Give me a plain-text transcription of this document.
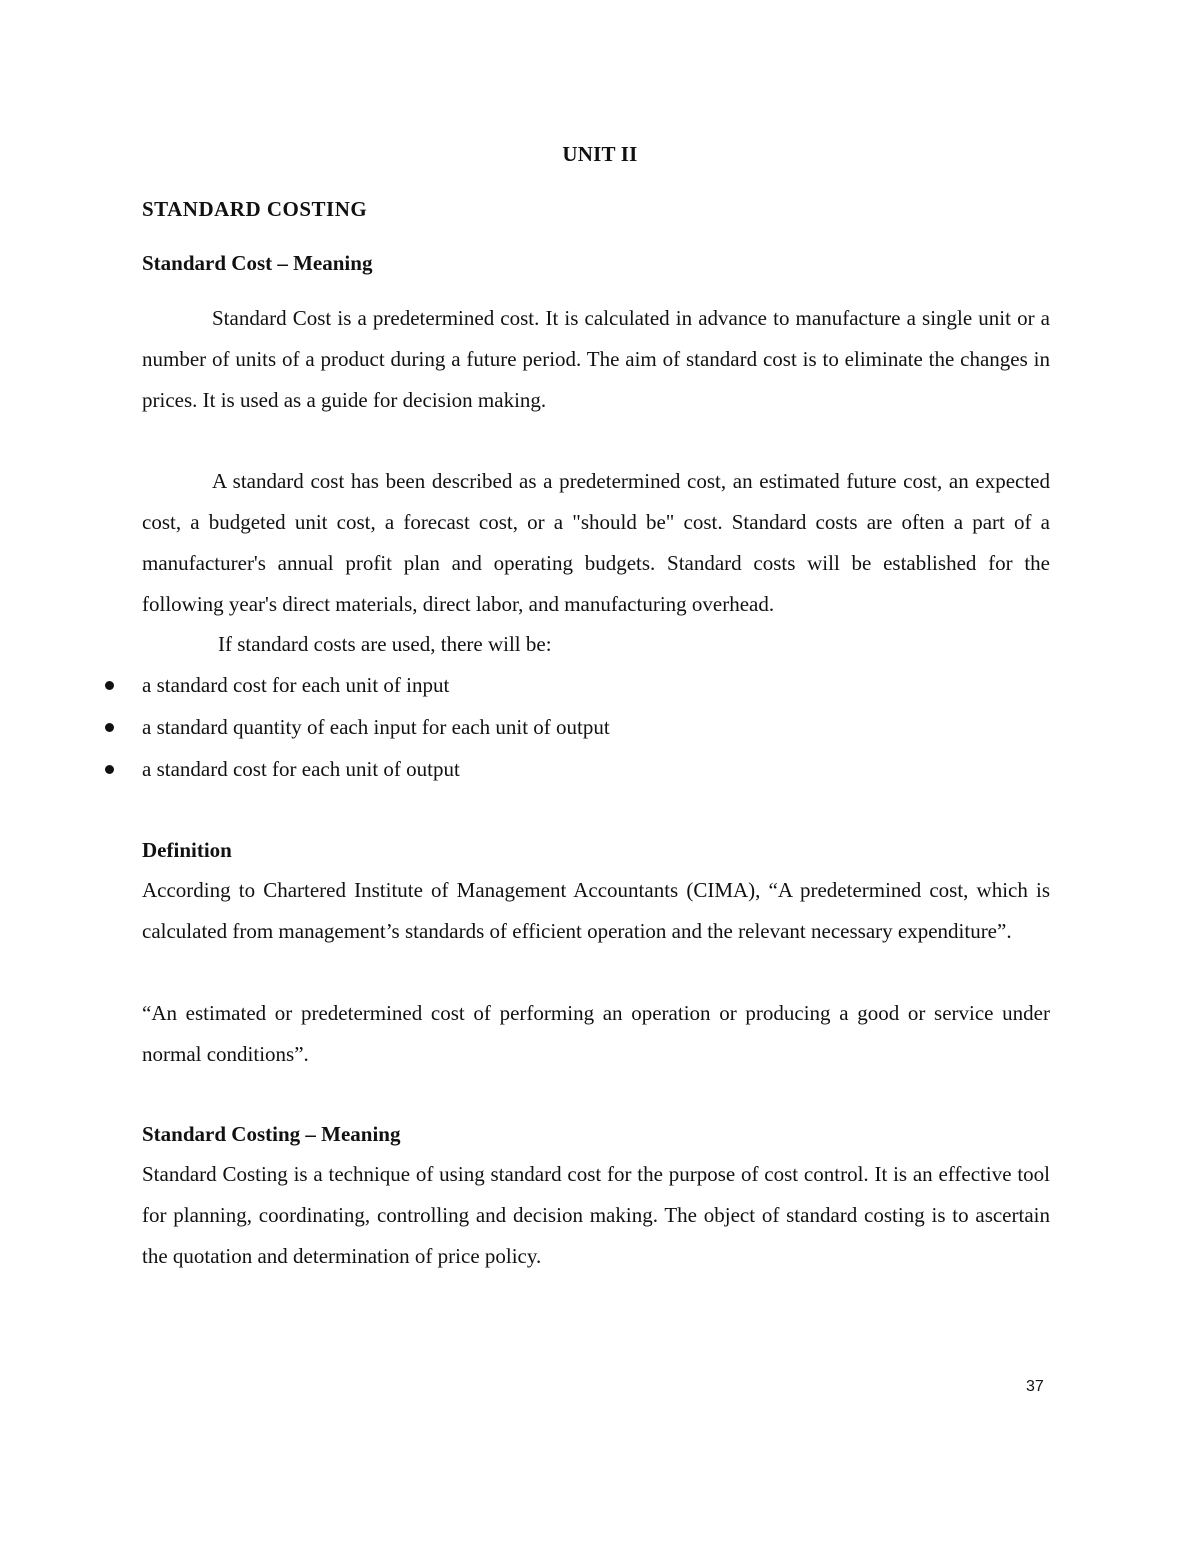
UNIT II
STANDARD COSTING
Standard Cost – Meaning

Standard Cost is a predetermined cost. It is calculated in advance to manufacture a single unit or a number of units of a product during a future period. The aim of standard cost is to eliminate the changes in prices. It is used as a guide for decision making.

A standard cost has been described as a predetermined cost, an estimated future cost, an expected cost, a budgeted unit cost, a forecast cost, or a "should be" cost. Standard costs are often a part of a manufacturer's annual profit plan and operating budgets. Standard costs will be established for the following year's direct materials, direct labor, and manufacturing overhead.

If standard costs are used, there will be:

a standard cost for each unit of input
a standard quantity of each input for each unit of output
a standard cost for each unit of output
Definition

According to Chartered Institute of Management Accountants (CIMA), “A predetermined cost, which is calculated from management’s standards of efficient operation and the relevant necessary expenditure”.

“An estimated or predetermined cost of performing an operation or producing a good or service under normal conditions”.

Standard Costing – Meaning

Standard Costing is a technique of using standard cost for the purpose of cost control. It is an effective tool for planning, coordinating, controlling and decision making. The object of standard costing is to ascertain the quotation and determination of price policy.

37
